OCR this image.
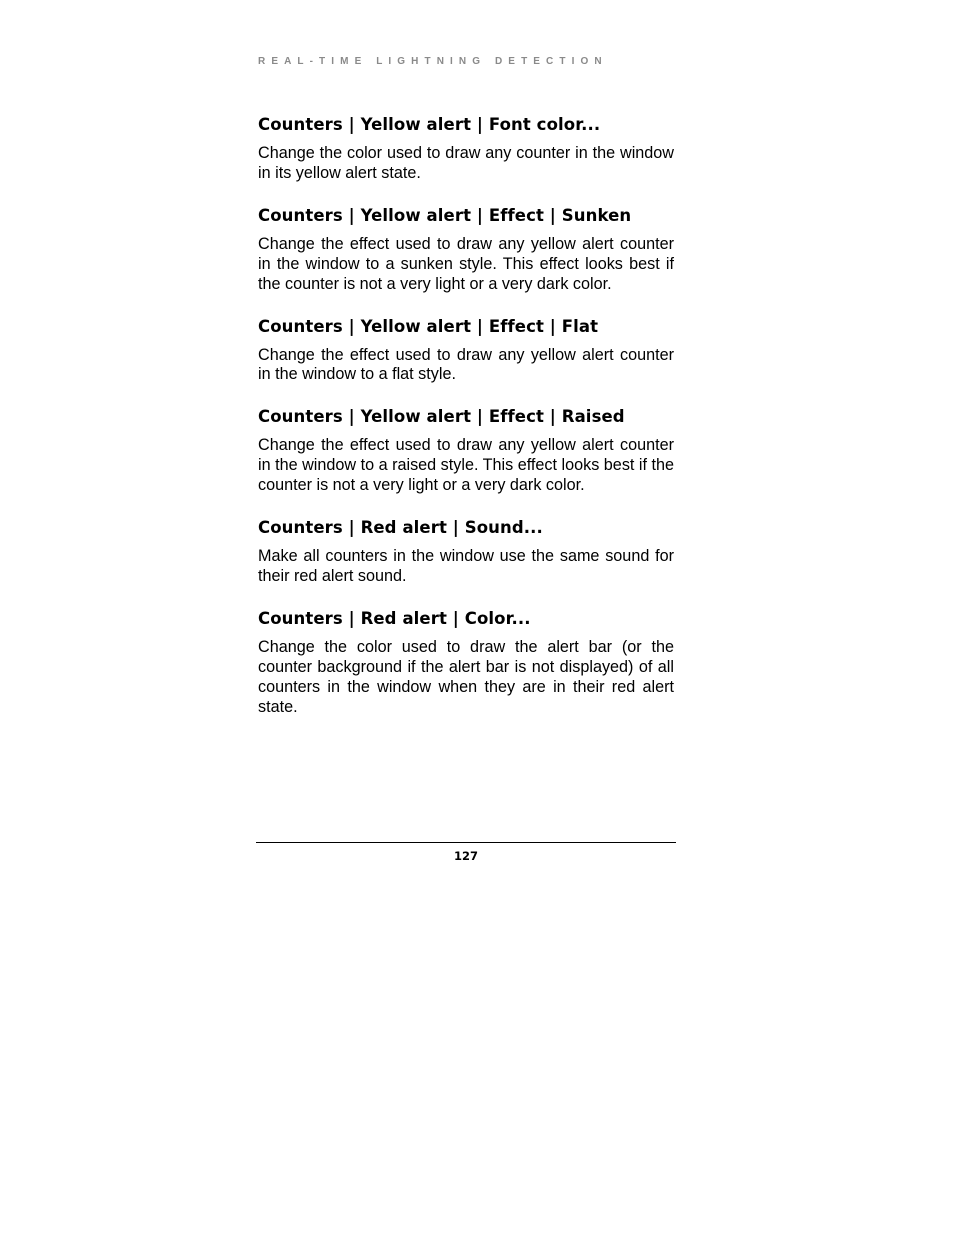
REAL-TIME LIGHTNING DETECTION
Counters | Yellow alert | Font color...

Change the color used to draw any counter in the window in its yellow alert state.

Counters | Yellow alert | Effect | Sunken

Change the effect used to draw any yellow alert counter in the window to a sunken style. This effect looks best if the counter is not a very light or a very dark color.

Counters | Yellow alert | Effect | Flat

Change the effect used to draw any yellow alert counter in the window to a flat style.

Counters | Yellow alert | Effect | Raised

Change the effect used to draw any yellow alert counter in the window to a raised style. This effect looks best if the counter is not a very light or a very dark color.

Counters | Red alert | Sound...

Make all counters in the window use the same sound for their red alert sound.

Counters | Red alert | Color...

Change the color used to draw the alert bar (or the counter background if the alert bar is not displayed) of all counters in the window when they are in their red alert state.

127
